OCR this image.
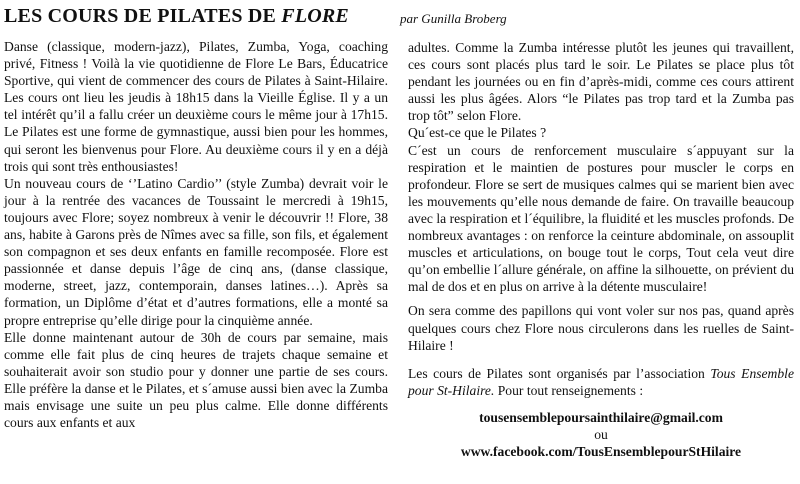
LES COURS DE PILATES DE FLORE	par Gunilla Broberg

Danse (classique, modern-jazz), Pilates, Zumba, Yoga, coaching privé, Fitness ! Voilà la vie quotidienne de Flore Le Bars, Éducatrice Sportive, qui vient de commencer des cours de Pilates à Saint-Hilaire. Les cours ont lieu les jeudis à 18h15 dans la Vieille Église. Il y a un tel intérêt qu’il a fallu créer un deuxième cours le même jour à 17h15. Le Pilates est une forme de gymnastique, aussi bien pour les hommes, qui seront les bienvenus pour Flore. Au deuxième cours il y en a déjà trois qui sont très enthousiastes!

Un nouveau cours de ‘’Latino Cardio’’ (style Zumba) devrait voir le jour à la rentrée des vacances de Toussaint le mercredi à 19h15, toujours avec Flore; soyez nombreux à venir le découvrir !! Flore, 38 ans, habite à Garons près de Nîmes avec sa fille, son fils, et également son compagnon et ses deux enfants en famille recomposée. Flore est passionnée et danse depuis l’âge de cinq ans, (danse classique, moderne, street, jazz, contemporain, danses latines…). Après sa formation, un Diplôme d’état et d’autres formations, elle a monté sa propre entreprise qu’elle dirige pour la cinquième année.

Elle donne maintenant autour de 30h de cours par semaine, mais comme elle fait plus de cinq heures de trajets chaque semaine et souhaiterait avoir son studio pour y donner une partie de ses cours. Elle préfère la danse et le Pilates, et s´amuse aussi bien avec la Zumba mais envisage une suite un peu plus calme. Elle donne différents cours aux enfants et aux

adultes. Comme la Zumba intéresse plutôt les jeunes qui travaillent, ces cours sont placés plus tard le soir. Le Pilates se place plus tôt pendant les journées ou en fin d’après-midi, comme ces cours attirent aussi les plus âgées. Alors “le Pilates pas trop tard et la Zumba pas trop tôt” selon Flore.

Qu´est-ce que le Pilates ?

C´est un cours de renforcement musculaire s´appuyant sur la respiration et le maintien de postures pour muscler le corps en profondeur. Flore se sert de musiques calmes qui se marient bien avec les mouvements qu’elle nous demande de faire. On travaille beaucoup avec la respiration et l´équilibre, la fluidité et les muscles profonds. De nombreux avantages : on renforce la ceinture abdominale, on assouplit muscles et articulations, on bouge tout le corps, Tout cela veut dire qu’on embellie l´allure générale, on affine la silhouette, on prévient du mal de dos et en plus on arrive à la détente musculaire!

On sera comme des papillons qui vont voler sur nos pas, quand après quelques cours chez Flore nous circulerons dans les ruelles de Saint-Hilaire !

Les cours de Pilates sont organisés par l’association Tous Ensemble pour St-Hilaire. Pour tout renseignements :

tousensemblepoursainthilaire@gmail.com

ou

www.facebook.com/TousEnsemblepourStHilaire
